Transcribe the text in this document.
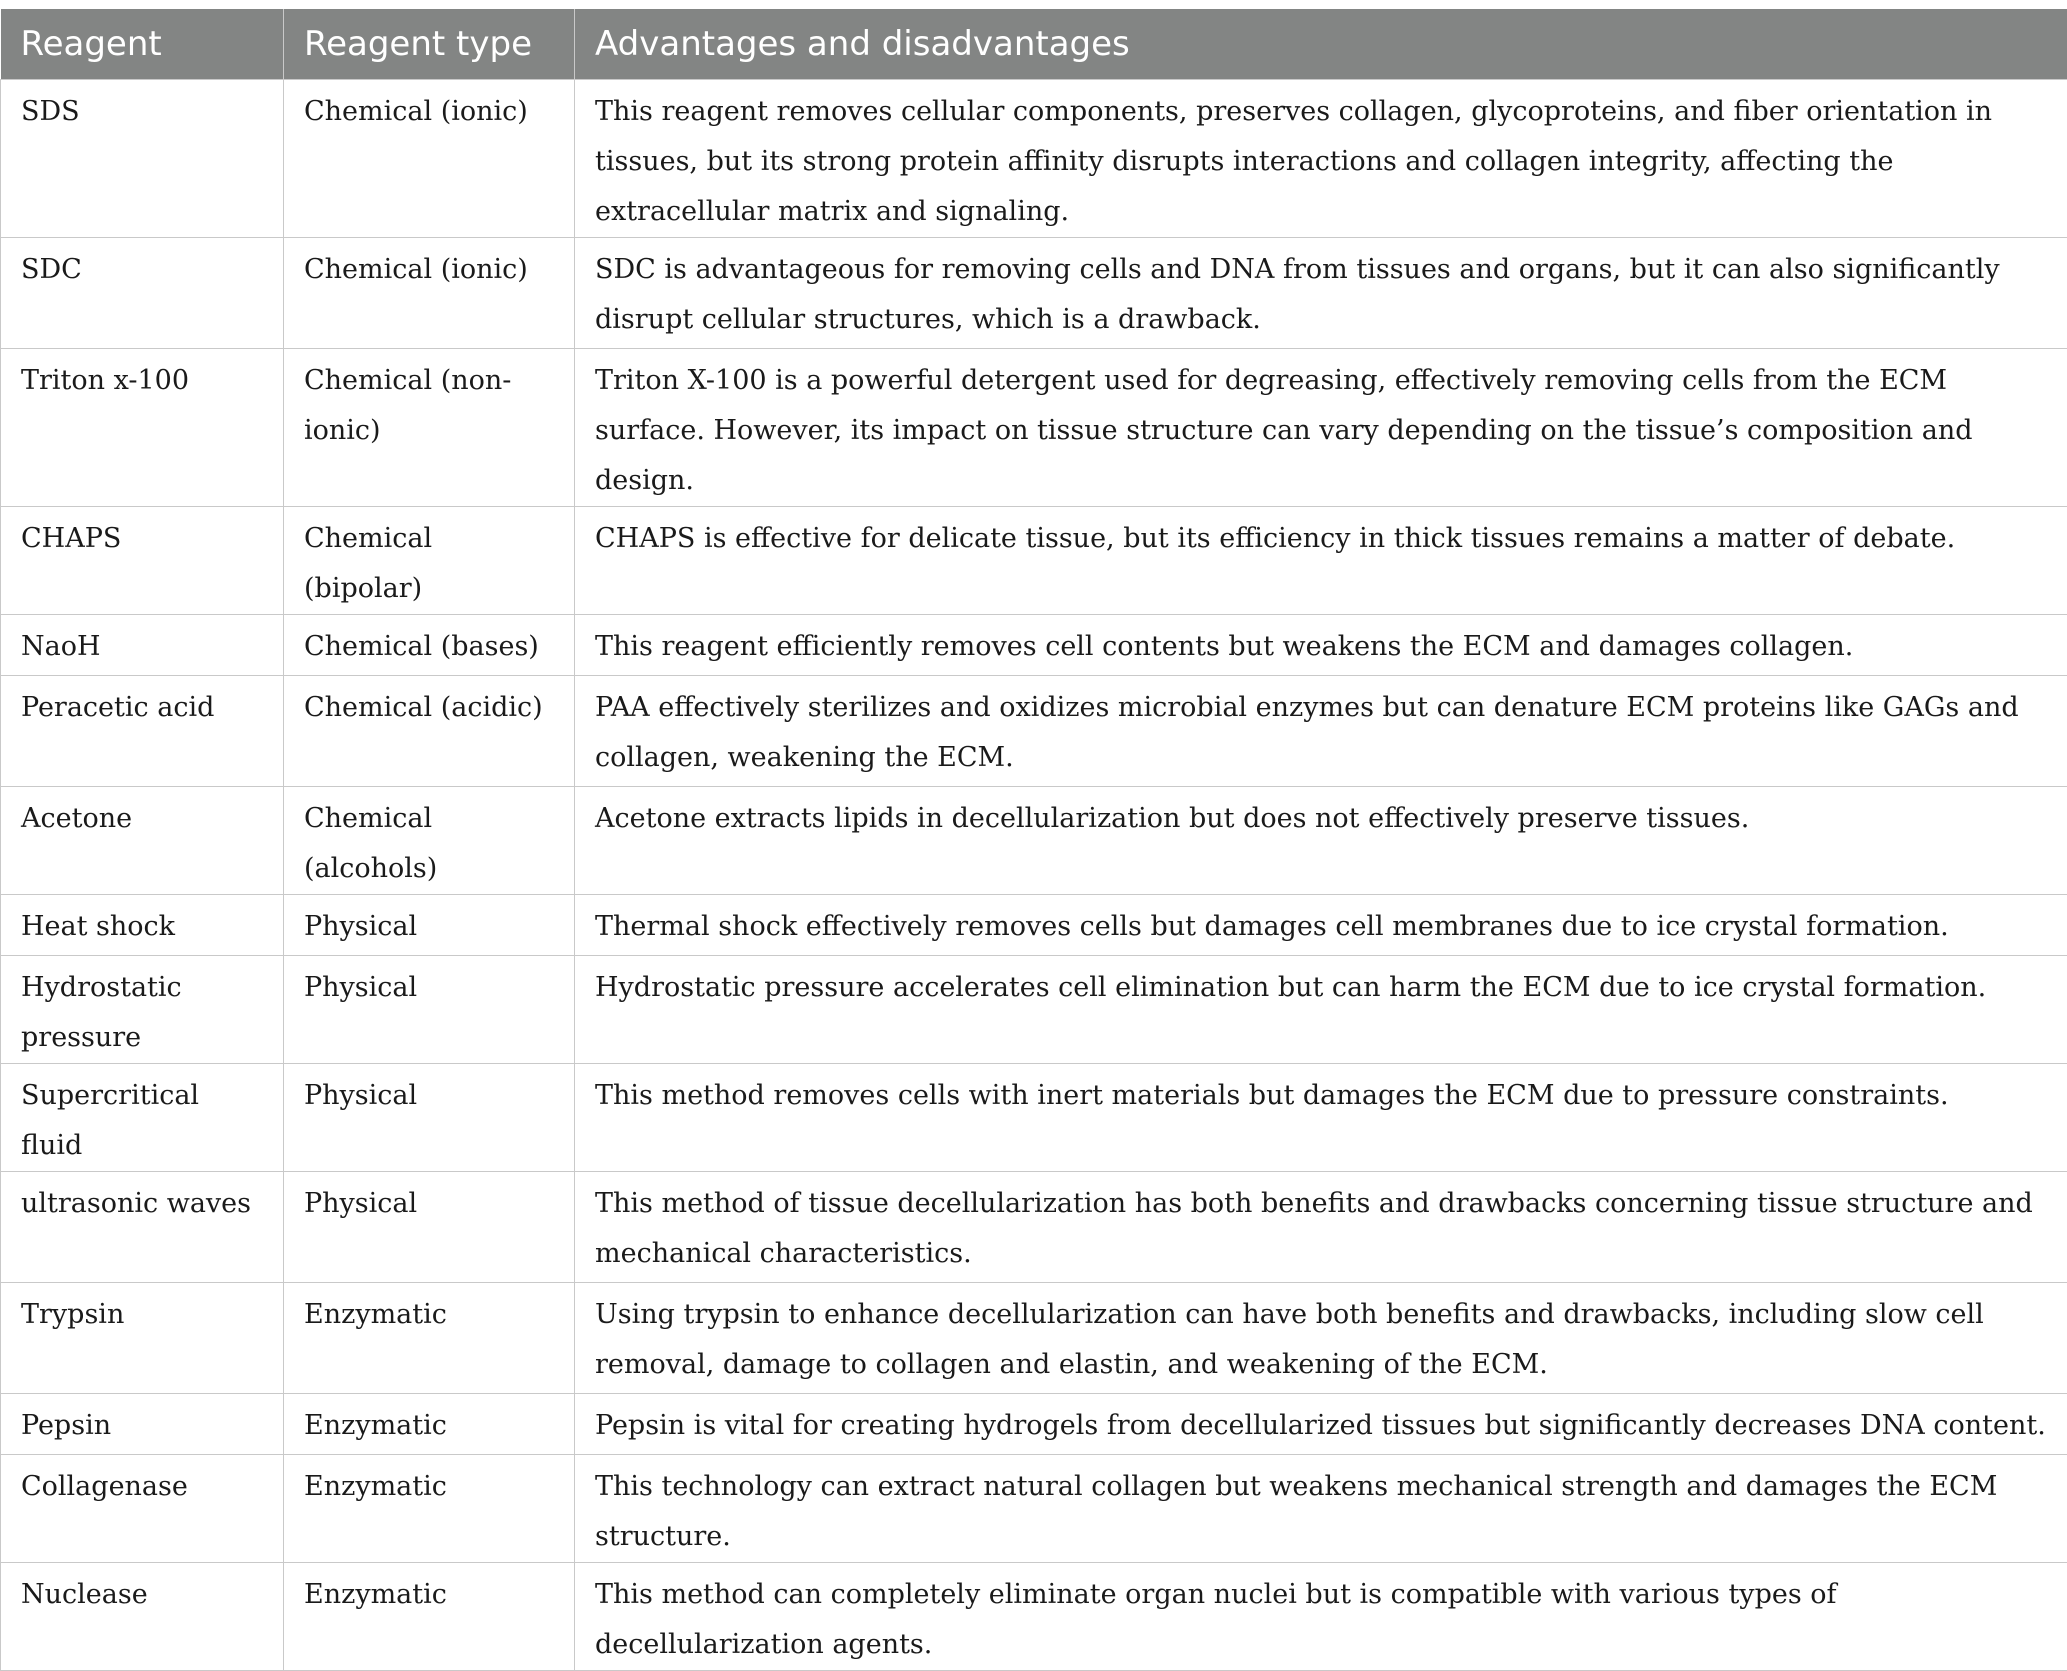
Reagent	Reagent type	Advantages and disadvantages

SDS	Chemical (ionic)	This reagent removes cellular components, preserves collagen, glycoproteins, and fiber orientation in tissues, but its strong protein affinity disrupts interactions and collagen integrity, affecting the extracellular matrix and signaling.

SDC	Chemical (ionic)	SDC is advantageous for removing cells and DNA from tissues and organs, but it can also significantly disrupt cellular structures, which is a drawback.

Triton x-100	Chemical (non-ionic)	Triton X-100 is a powerful detergent used for degreasing, effectively removing cells from the ECM surface. However, its impact on tissue structure can vary depending on the tissue’s composition and design.

CHAPS	Chemical (bipolar)	CHAPS is effective for delicate tissue, but its efficiency in thick tissues remains a matter of debate.

NaoH	Chemical (bases)	This reagent efficiently removes cell contents but weakens the ECM and damages collagen.

Peracetic acid	Chemical (acidic)	PAA effectively sterilizes and oxidizes microbial enzymes but can denature ECM proteins like GAGs and collagen, weakening the ECM.

Acetone	Chemical (alcohols)	Acetone extracts lipids in decellularization but does not effectively preserve tissues.

Heat shock	Physical	Thermal shock effectively removes cells but damages cell membranes due to ice crystal formation.

Hydrostatic pressure	Physical	Hydrostatic pressure accelerates cell elimination but can harm the ECM due to ice crystal formation.

Supercritical fluid	Physical	This method removes cells with inert materials but damages the ECM due to pressure constraints.

ultrasonic waves	Physical	This method of tissue decellularization has both benefits and drawbacks concerning tissue structure and mechanical characteristics.

Trypsin	Enzymatic	Using trypsin to enhance decellularization can have both benefits and drawbacks, including slow cell removal, damage to collagen and elastin, and weakening of the ECM.

Pepsin	Enzymatic	Pepsin is vital for creating hydrogels from decellularized tissues but significantly decreases DNA content.

Collagenase	Enzymatic	This technology can extract natural collagen but weakens mechanical strength and damages the ECM structure.

Nuclease	Enzymatic	This method can completely eliminate organ nuclei but is compatible with various types of decellularization agents.
